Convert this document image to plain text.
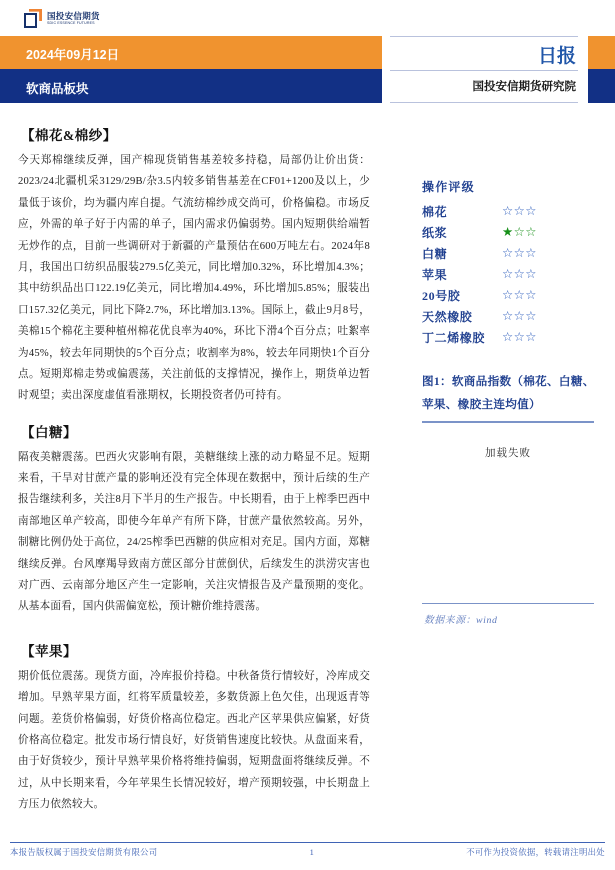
国投安信期货
SDIC ESSENCE FUTURES
2024年09月12日
软商品板块
日报
国投安信期货研究院
【棉花&棉纱】

今天郑棉继续反弹，国产棉现货销售基差较多持稳，局部仍让价出货：2023/24北疆机采3129/29B/杂3.5内较多销售基差在CF01+1200及以上，少量低于该价，均为疆内库自提。气流纺棉纱成交尚可，价格偏稳。市场反应，外需的单子好于内需的单子，国内需求仍偏弱势。国内短期供给端暂无炒作的点，目前一些调研对于新疆的产量预估在600万吨左右。2024年8月，我国出口纺织品服装279.5亿美元，同比增加0.32%，环比增加4.3%；其中纺织品出口122.19亿美元，同比增加4.49%，环比增加5.85%；服装出口157.32亿美元，同比下降2.7%，环比增加3.13%。国际上，截止9月8号，美棉15个棉花主要种植州棉花优良率为40%，环比下滑4个百分点；吐絮率为45%，较去年同期快的5个百分点；收割率为8%，较去年同期快1个百分点。短期郑棉走势或偏震荡，关注前低的支撑情况，操作上，期货单边暂时观望；卖出深度虚值看涨期权，长期投资者仍可持有。

【白糖】

隔夜美糖震荡。巴西火灾影响有限，美糖继续上涨的动力略显不足。短期来看，干旱对甘蔗产量的影响还没有完全体现在数据中，预计后续的生产报告继续利多，关注8月下半月的生产报告。中长期看，由于上榨季巴西中南部地区单产较高，即使今年单产有所下降，甘蔗产量依然较高。另外，制糖比例仍处于高位，24/25榨季巴西糖的供应相对充足。国内方面，郑糖继续反弹。台风摩羯导致南方蔗区部分甘蔗倒伏，后续发生的洪涝灾害也对广西、云南部分地区产生一定影响，关注灾情报告及产量预期的变化。从基本面看，国内供需偏宽松，预计糖价维持震荡。

【苹果】

期价低位震荡。现货方面，冷库报价持稳。中秋备货行情较好，冷库成交增加。早熟苹果方面，红将军质量较差，多数货源上色欠佳，出现返青等问题。差货价格偏弱，好货价格高位稳定。西北产区苹果供应偏紧，好货价格高位稳定。批发市场行情良好，好货销售速度比较快。从盘面来看，由于好货较少，预计早熟苹果价格将维持偏弱，短期盘面将继续反弹。不过，从中长期来看，今年苹果生长情况较好，增产预期较强，中长期盘上方压力依然较大。

操作评级
棉花	☆☆☆
纸浆	★☆☆
白糖	☆☆☆
苹果	☆☆☆
20号胶	☆☆☆
天然橡胶	☆☆☆
丁二烯橡胶	☆☆☆
图1：软商品指数（棉花、白糖、苹果、橡胶主连均值）
加载失败
数据来源：wind
本报告版权属于国投安信期货有限公司	1	不可作为投资依据，转载请注明出处
